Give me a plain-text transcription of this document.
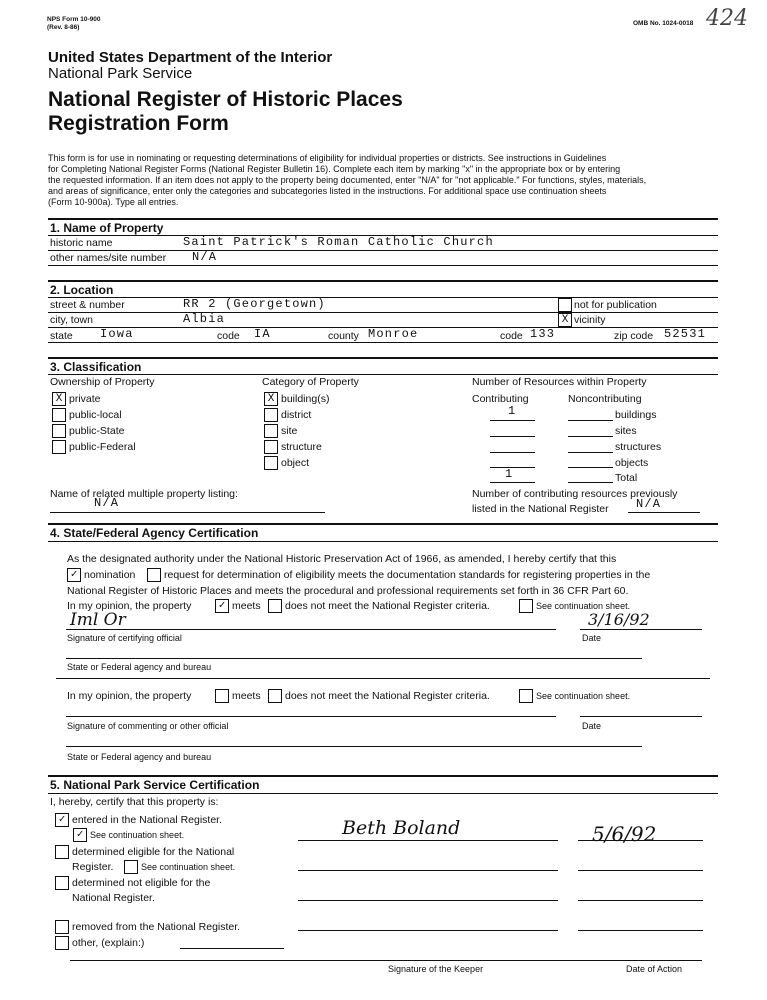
NPS Form 10-900
(Rev. 8-86)
OMB No. 1024-0018 424
United States Department of the Interior
National Park Service
National Register of Historic Places
Registration Form
This form is for use in nominating or requesting determinations of eligibility for individual properties or districts. See instructions in Guidelines
for Completing National Register Forms (National Register Bulletin 16). Complete each item by marking "x" in the appropriate box or by entering
the requested information. If an item does not apply to the property being documented, enter "N/A" for "not applicable." For functions, styles, materials,
and areas of significance, enter only the categories and subcategories listed in the instructions. For additional space use continuation sheets
(Form 10-900a). Type all entries.
1. Name of Property
historic name	Saint Patrick's Roman Catholic Church
other names/site number N/A
2. Location
street & number	RR 2 (Georgetown)	not for publication
city, town	Albia	X vicinity
state Iowa	code IA	county Monroe	code 133	zip code 52531
3. Classification
Ownership of Property	Category of Property	Number of Resources within Property
X private
public-local
public-State
public-Federal
X building(s)
district
site
structure
object
Contributing	Noncontributing
1	buildings
sites
structures
objects
1	Total
Name of related multiple property listing:
N/A
Number of contributing resources previously
listed in the National Register N/A
4. State/Federal Agency Certification
As the designated authority under the National Historic Preservation Act of 1966, as amended, I hereby certify that this
✓ nomination	request for determination of eligibility meets the documentation standards for registering properties in the
National Register of Historic Places and meets the procedural and professional requirements set forth in 36 CFR Part 60.
In my opinion, the property	✓ meets does not meet the National Register criteria.	See continuation sheet.
Iml Or	3/16/92
Signature of certifying official	Date
State or Federal agency and bureau
In my opinion, the property	meets does not meet the National Register criteria.	See continuation sheet.
Signature of commenting or other official	Date
State or Federal agency and bureau
5. National Park Service Certification
I, hereby, certify that this property is:
✓ entered in the National Register.
✓ See continuation sheet.
determined eligible for the National
Register.	See continuation sheet.
determined not eligible for the
National Register.
removed from the National Register.
other, (explain:)
Beth Boland	5/6/92
Signature of the Keeper	Date of Action
